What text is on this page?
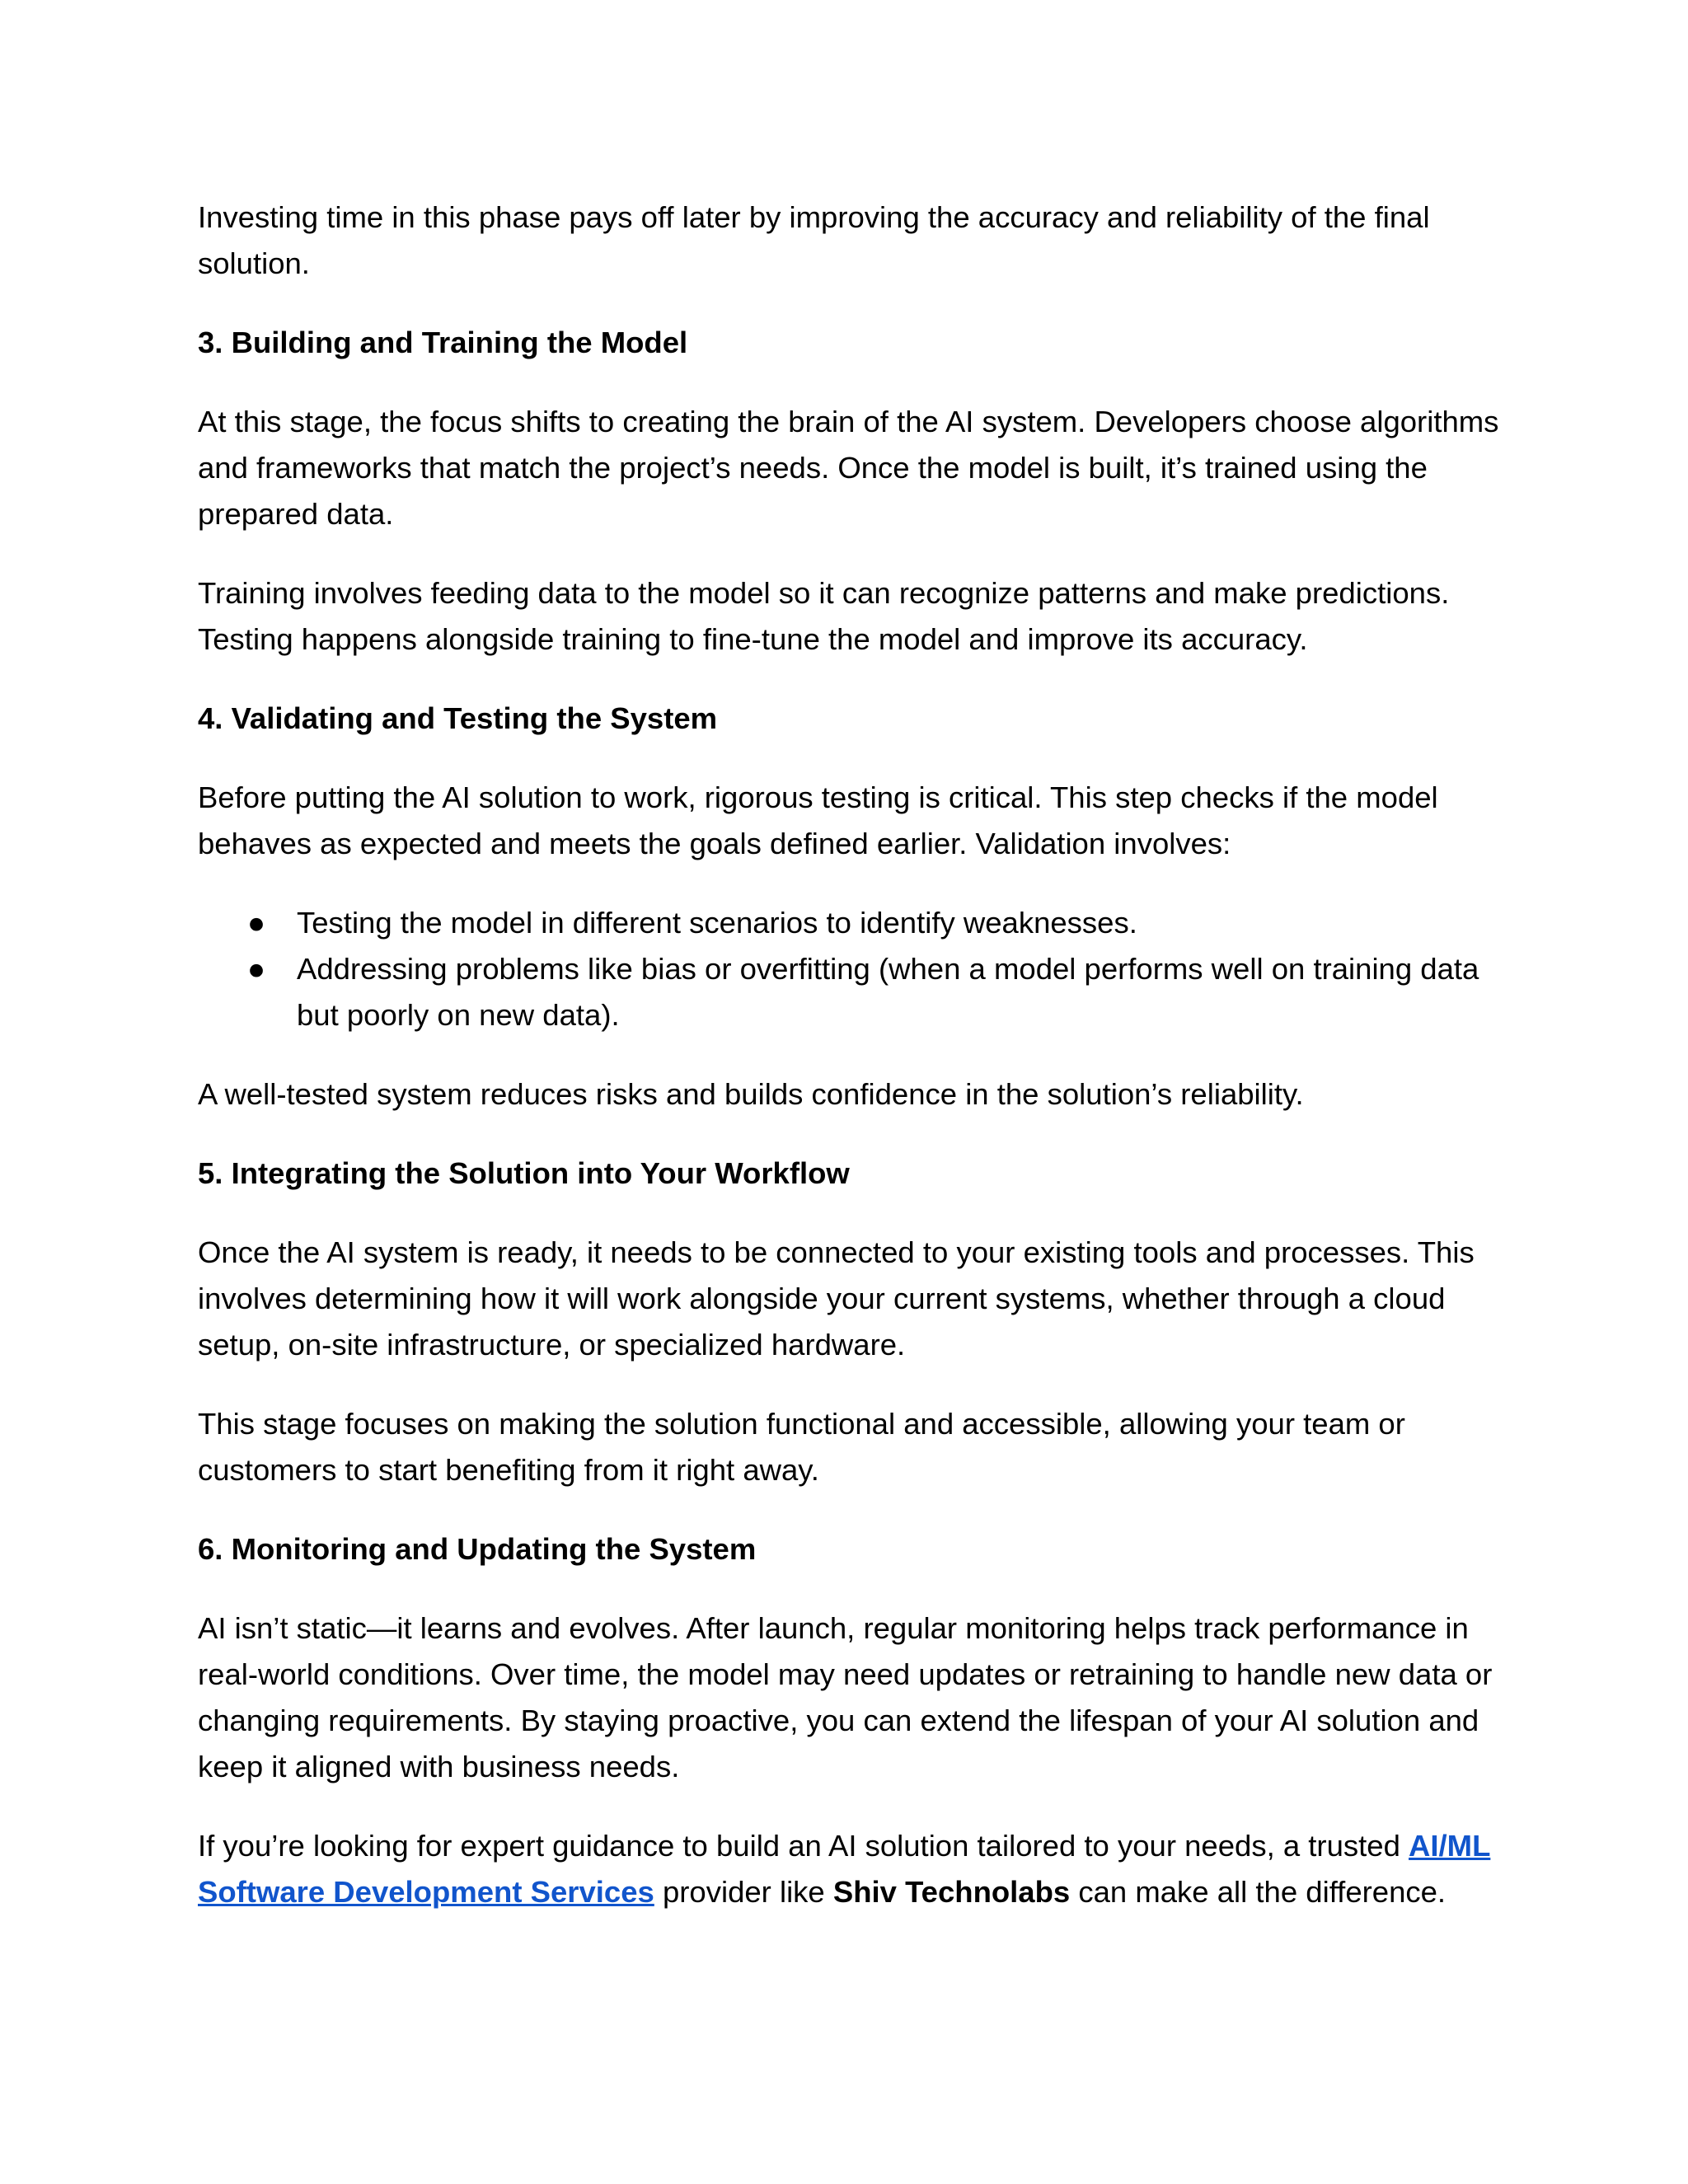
Investing time in this phase pays off later by improving the accuracy and reliability of the final solution.

3. Building and Training the Model

At this stage, the focus shifts to creating the brain of the AI system. Developers choose algorithms and frameworks that match the project’s needs. Once the model is built, it’s trained using the prepared data.

Training involves feeding data to the model so it can recognize patterns and make predictions. Testing happens alongside training to fine-tune the model and improve its accuracy.

4. Validating and Testing the System

Before putting the AI solution to work, rigorous testing is critical. This step checks if the model behaves as expected and meets the goals defined earlier. Validation involves:

● Testing the model in different scenarios to identify weaknesses.
● Addressing problems like bias or overfitting (when a model performs well on training data but poorly on new data).

A well-tested system reduces risks and builds confidence in the solution’s reliability.

5. Integrating the Solution into Your Workflow

Once the AI system is ready, it needs to be connected to your existing tools and processes. This involves determining how it will work alongside your current systems, whether through a cloud setup, on-site infrastructure, or specialized hardware.

This stage focuses on making the solution functional and accessible, allowing your team or customers to start benefiting from it right away.

6. Monitoring and Updating the System

AI isn’t static—it learns and evolves. After launch, regular monitoring helps track performance in real-world conditions. Over time, the model may need updates or retraining to handle new data or changing requirements. By staying proactive, you can extend the lifespan of your AI solution and keep it aligned with business needs.

If you’re looking for expert guidance to build an AI solution tailored to your needs, a trusted AI/ML Software Development Services provider like Shiv Technolabs can make all the difference.
